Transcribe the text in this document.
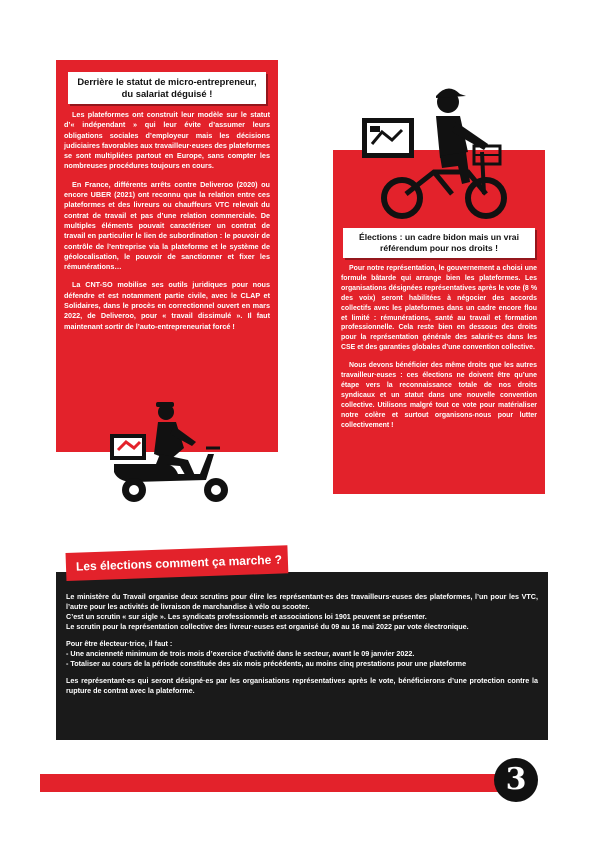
Derrière le statut de micro-entrepreneur,
du salariat déguisé !

Les plateformes ont construit leur modèle sur le statut d’« indépendant » qui leur évite d’assumer leurs obligations sociales d’employeur mais les décisions judiciaires favorables aux travailleur·euses des plateformes se sont multipliées partout en Europe, sans compter les nombreuses procédures toujours en cours.

En France, différents arrêts contre Deliveroo (2020) ou encore UBER (2021) ont reconnu que la relation entre ces plateformes et des livreurs ou chauffeurs VTC relevait du contrat de travail et pas d’une relation commerciale. De multiples éléments pouvait caractériser un contrat de travail en particulier le lien de subordination : le pouvoir de contrôle de l’entreprise via la plateforme et le système de géolocalisation, le pouvoir de sanctionner et fixer les rémunérations…

La CNT-SO mobilise ses outils juridiques pour nous défendre et est notamment partie civile, avec le CLAP et Solidaires, dans le procès en correctionnel ouvert en mars 2022, de Deliveroo, pour « travail dissimulé ». Il faut maintenant sortir de l’auto-entrepreneuriat forcé !

Élections : un cadre bidon mais un vrai
référendum pour nos droits !

Pour notre représentation, le gouvernement a choisi une formule bâtarde qui arrange bien les plateformes. Les organisations désignées représentatives après le vote (8 % des voix) seront habilitées à négocier des accords collectifs avec les plateformes dans un cadre encore flou et limité : rémunérations, santé au travail et formation professionnelle. Cela reste bien en dessous des droits pour la représentation générale des salarié·es dans les CSE et des garanties globales d’une convention collective.

Nous devons bénéficier des même droits que les autres travailleur·euses : ces élections ne doivent être qu’une étape vers la reconnaissance totale de nos droits syndicaux et un statut dans une nouvelle convention collective. Utilisons malgré tout ce vote pour matérialiser notre colère et surtout organisons-nous pour lutter collectivement !

Le ministère du Travail organise deux scrutins pour élire les représentant·es des travailleurs·euses des plateformes, l’un pour les VTC, l’autre pour les activités de livraison de marchandise à vélo ou scooter.
C’est un scrutin « sur sigle ». Les syndicats professionnels et associations loi 1901 peuvent se présenter.
Le scrutin pour la représentation collective des livreur·euses est organisé du 09 au 16 mai 2022 par vote électronique.
Pour être électeur·trice, il faut :
- Une ancienneté minimum de trois mois d’exercice d’activité dans le secteur, avant le 09 janvier 2022.
- Totaliser au cours de la période constituée des six mois précédents, au moins cinq prestations pour une plateforme
Les représentant·es qui seront désigné·es par les organisations représentatives après le vote, bénéficierons d’une protection contre la rupture de contrat avec la plateforme.
Les élections comment ça marche ?
3
